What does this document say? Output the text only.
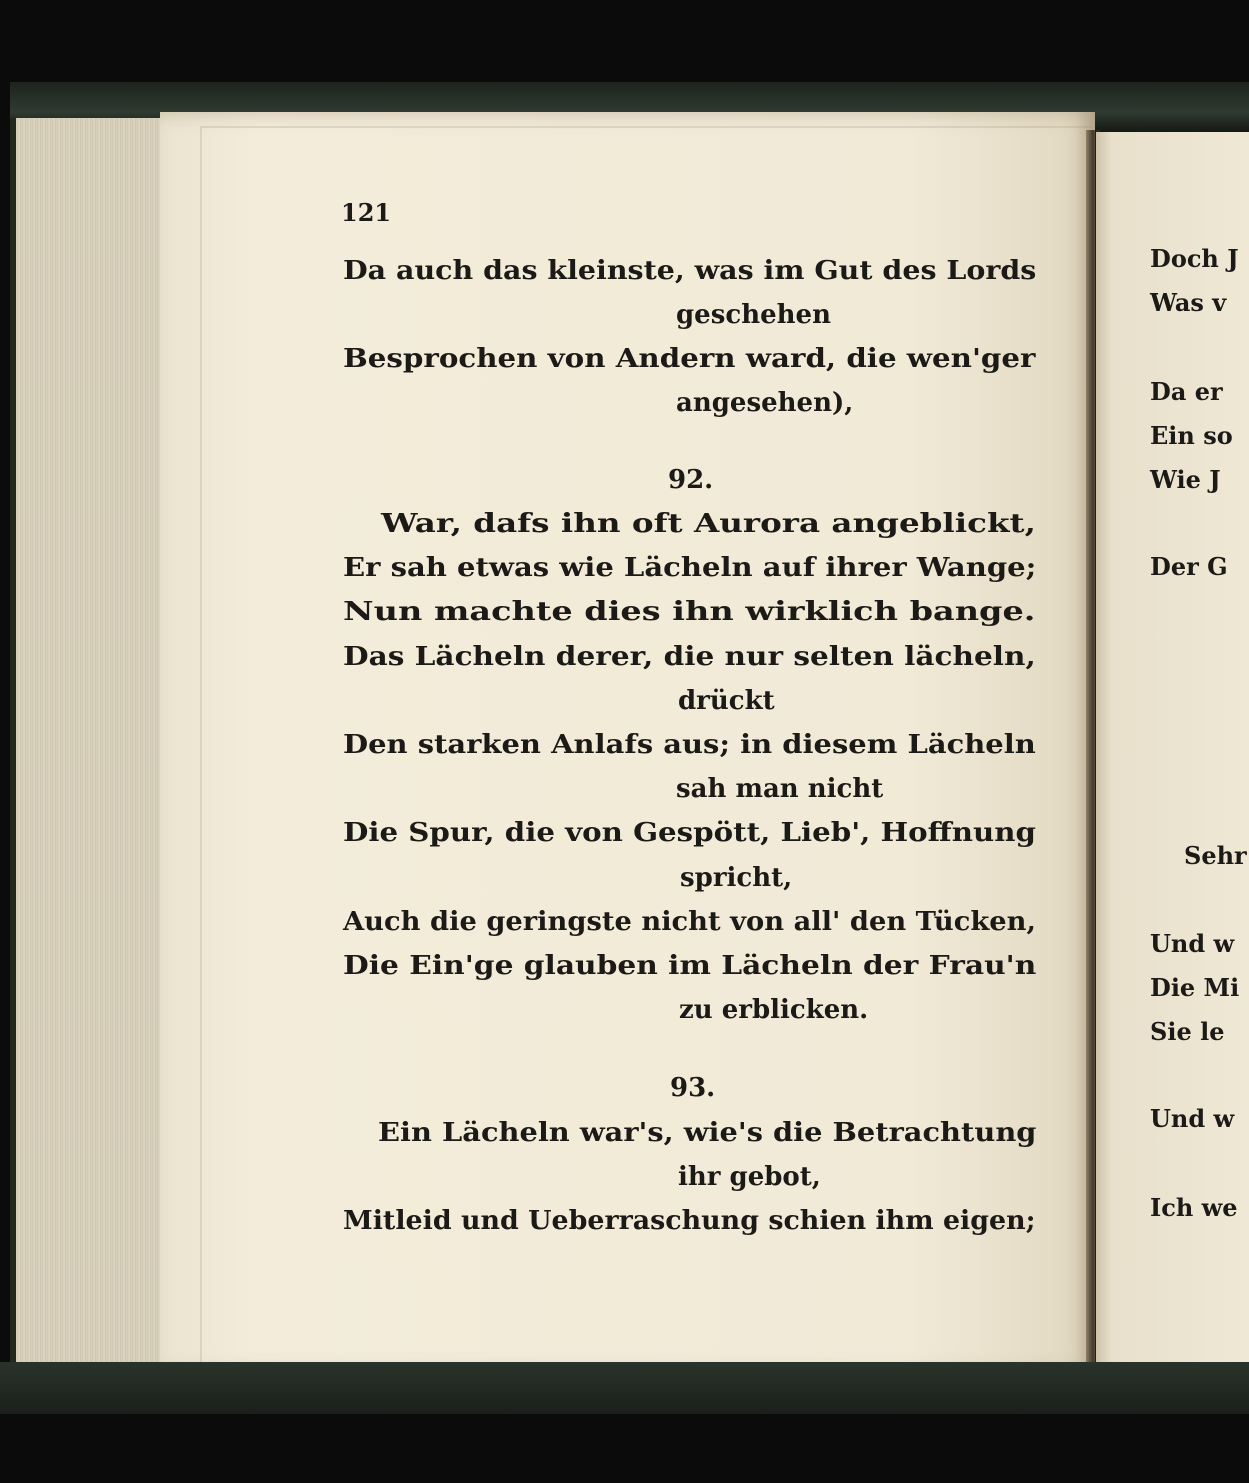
121
Da auch das kleinste, was im Gut des Lords
geschehen
Besprochen von Andern ward, die wen'ger
angesehen),
92.
War, dafs ihn oft Aurora angeblickt,
Er sah etwas wie Lächeln auf ihrer Wange;
Nun machte dies ihn wirklich bange.
Das Lächeln derer, die nur selten lächeln,
drückt
Den starken Anlafs aus; in diesem Lächeln
sah man nicht
Die Spur, die von Gespött, Lieb', Hoffnung
spricht,
Auch die geringste nicht von all' den Tücken,
Die Ein'ge glauben im Lächeln der Frau'n
zu erblicken.
93.
Ein Lächeln war's, wie's die Betrachtung
ihr gebot,
Mitleid und Ueberraschung schien ihm eigen;
Doch J
Was v
Da er
Ein so
Wie J
Der G
Sehr
Und w
Die Mi
Sie le
Und w
Ich we
